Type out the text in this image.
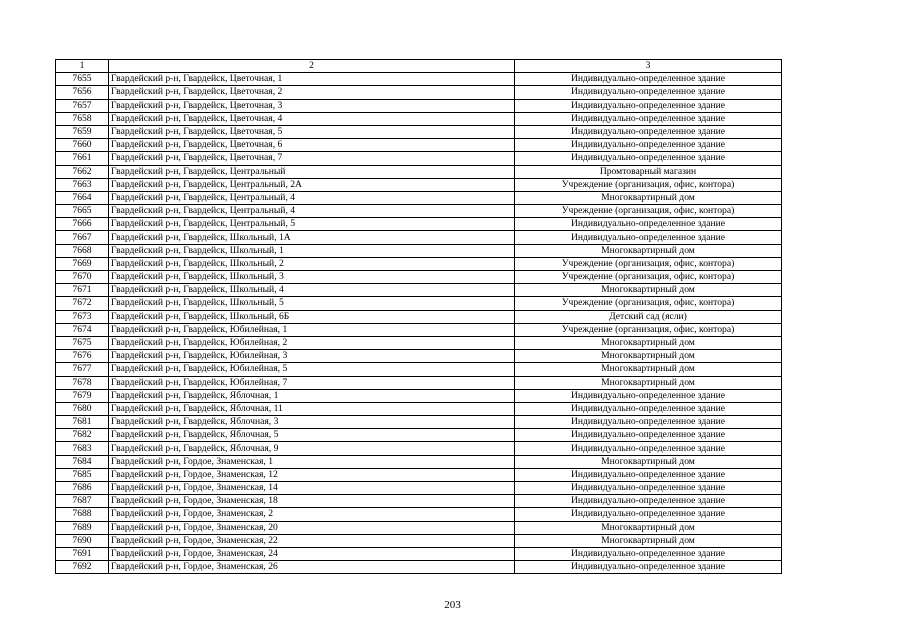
1	2	3
7655	Гвардейский р-н, Гвардейск, Цветочная, 1	Индивидуально-определенное здание
7656	Гвардейский р-н, Гвардейск, Цветочная, 2	Индивидуально-определенное здание
7657	Гвардейский р-н, Гвардейск, Цветочная, 3	Индивидуально-определенное здание
7658	Гвардейский р-н, Гвардейск, Цветочная, 4	Индивидуально-определенное здание
7659	Гвардейский р-н, Гвардейск, Цветочная, 5	Индивидуально-определенное здание
7660	Гвардейский р-н, Гвардейск, Цветочная, 6	Индивидуально-определенное здание
7661	Гвардейский р-н, Гвардейск, Цветочная, 7	Индивидуально-определенное здание
7662	Гвардейский р-н, Гвардейск, Центральный	Промтоварный магазин
7663	Гвардейский р-н, Гвардейск, Центральный, 2А	Учреждение (организация, офис, контора)
7664	Гвардейский р-н, Гвардейск, Центральный, 4	Многоквартирный дом
7665	Гвардейский р-н, Гвардейск, Центральный, 4	Учреждение (организация, офис, контора)
7666	Гвардейский р-н, Гвардейск, Центральный, 5	Индивидуально-определенное здание
7667	Гвардейский р-н, Гвардейск, Школьный, 1А	Индивидуально-определенное здание
7668	Гвардейский р-н, Гвардейск, Школьный, 1	Многоквартирный дом
7669	Гвардейский р-н, Гвардейск, Школьный, 2	Учреждение (организация, офис, контора)
7670	Гвардейский р-н, Гвардейск, Школьный, 3	Учреждение (организация, офис, контора)
7671	Гвардейский р-н, Гвардейск, Школьный, 4	Многоквартирный дом
7672	Гвардейский р-н, Гвардейск, Школьный, 5	Учреждение (организация, офис, контора)
7673	Гвардейский р-н, Гвардейск, Школьный, 6Б	Детский сад (ясли)
7674	Гвардейский р-н, Гвардейск, Юбилейная, 1	Учреждение (организация, офис, контора)
7675	Гвардейский р-н, Гвардейск, Юбилейная, 2	Многоквартирный дом
7676	Гвардейский р-н, Гвардейск, Юбилейная, 3	Многоквартирный дом
7677	Гвардейский р-н, Гвардейск, Юбилейная, 5	Многоквартирный дом
7678	Гвардейский р-н, Гвардейск, Юбилейная, 7	Многоквартирный дом
7679	Гвардейский р-н, Гвардейск, Яблочная, 1	Индивидуально-определенное здание
7680	Гвардейский р-н, Гвардейск, Яблочная, 11	Индивидуально-определенное здание
7681	Гвардейский р-н, Гвардейск, Яблочная, 3	Индивидуально-определенное здание
7682	Гвардейский р-н, Гвардейск, Яблочная, 5	Индивидуально-определенное здание
7683	Гвардейский р-н, Гвардейск, Яблочная, 9	Индивидуально-определенное здание
7684	Гвардейский р-н, Гордое, Знаменская, 1	Многоквартирный дом
7685	Гвардейский р-н, Гордое, Знаменская, 12	Индивидуально-определенное здание
7686	Гвардейский р-н, Гордое, Знаменская, 14	Индивидуально-определенное здание
7687	Гвардейский р-н, Гордое, Знаменская, 18	Индивидуально-определенное здание
7688	Гвардейский р-н, Гордое, Знаменская, 2	Индивидуально-определенное здание
7689	Гвардейский р-н, Гордое, Знаменская, 20	Многоквартирный дом
7690	Гвардейский р-н, Гордое, Знаменская, 22	Многоквартирный дом
7691	Гвардейский р-н, Гордое, Знаменская, 24	Индивидуально-определенное здание
7692	Гвардейский р-н, Гордое, Знаменская, 26	Индивидуально-определенное здание
203
